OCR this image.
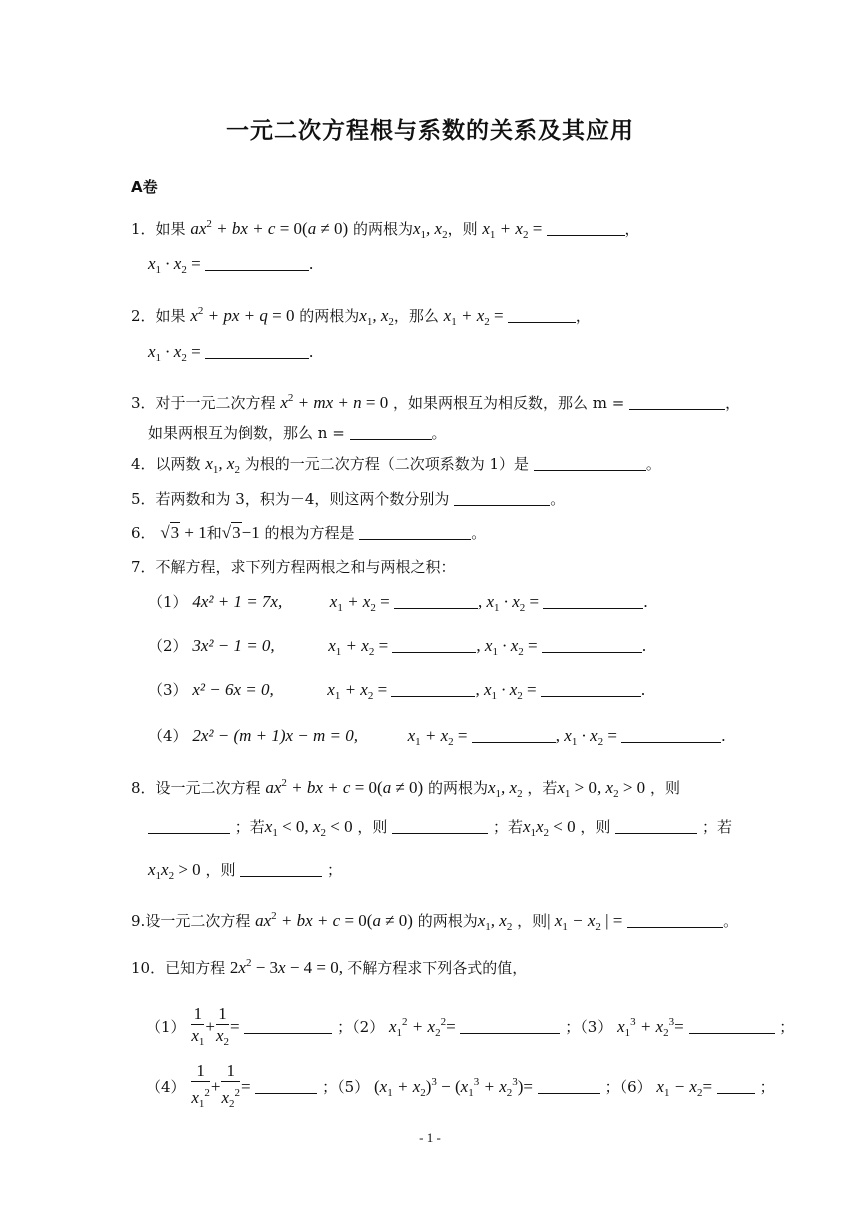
一元二次方程根与系数的关系及其应用
A卷
1．如果 $ax^2$ + bx + c = 0(a ≠ 0) 的两根为$x_1$, $x_2$，则 $x_1 + x_2$ =	，
$x_1 \cdot x_2$ =	.
2．如果 $x^2$ + px + q = 0 的两根为$x_1$, $x_2$，那么 $x_1 + x_2$ =	，
$x_1 \cdot x_2$ =	.
3．对于一元二次方程 $x^2$ + mx + n = 0 ，如果两根互为相反数，那么 m =	，
如果两根互为倒数，那么 n =	。
4．以两数 $x_1$, $x_2$ 为根的一元二次方程（二次项系数为 1）是	。
5．若两数和为 3，积为－4，则这两个数分别为	。
6． √3 + 1和√3−1 的根为方程是	。
7．不解方程，求下列方程两根之和与两根之积：
（1） 4x² + 1 = 7x,	$x_1 + x_2$ =	, $x_1 \cdot x_2$ =	.
（2） 3x² − 1 = 0,	$x_1 + x_2$ =	, $x_1 \cdot x_2$ =	.
（3） x² − 6x = 0,	$x_1 + x_2$ =	, $x_1 \cdot x_2$ =	.
（4） 2x² − (m + 1)x − m = 0,	$x_1 + x_2$ =	, $x_1 \cdot x_2$ =	.
8．设一元二次方程 $ax^2$ + bx + c = 0(a ≠ 0) 的两根为$x_1$, $x_2$ ，若$x_1 > 0$, $x_2 > 0$ ，则
；若$x_1 < 0$, $x_2 < 0$ ，则	；若$x_1x_2 < 0$ ，则	；若
$x_1x_2 > 0$ ，则	；
9.设一元二次方程 $ax^2$ + bx + c = 0(a ≠ 0) 的两根为$x_1$, $x_2$ ，则| $x_1 - x_2$ | =	。
10．已知方程 $2x^2 - 3x - 4 = 0$, 不解方程求下列各式的值，
$(1) \frac{1}{x_1} + \frac{1}{x_2}$ =	；（2） $x_1^2 + x_2^2=$	；（3） $x_1^3 + x_2^3=$	；
$(4) \frac{1}{x_1^2} + \frac{1}{x_2^2}$ =	；（5） $(x_1 + x_2)^3 - (x_1^3 + x_2^3)=$	；（6） $x_1 - x_2=$	；
- 1 -
